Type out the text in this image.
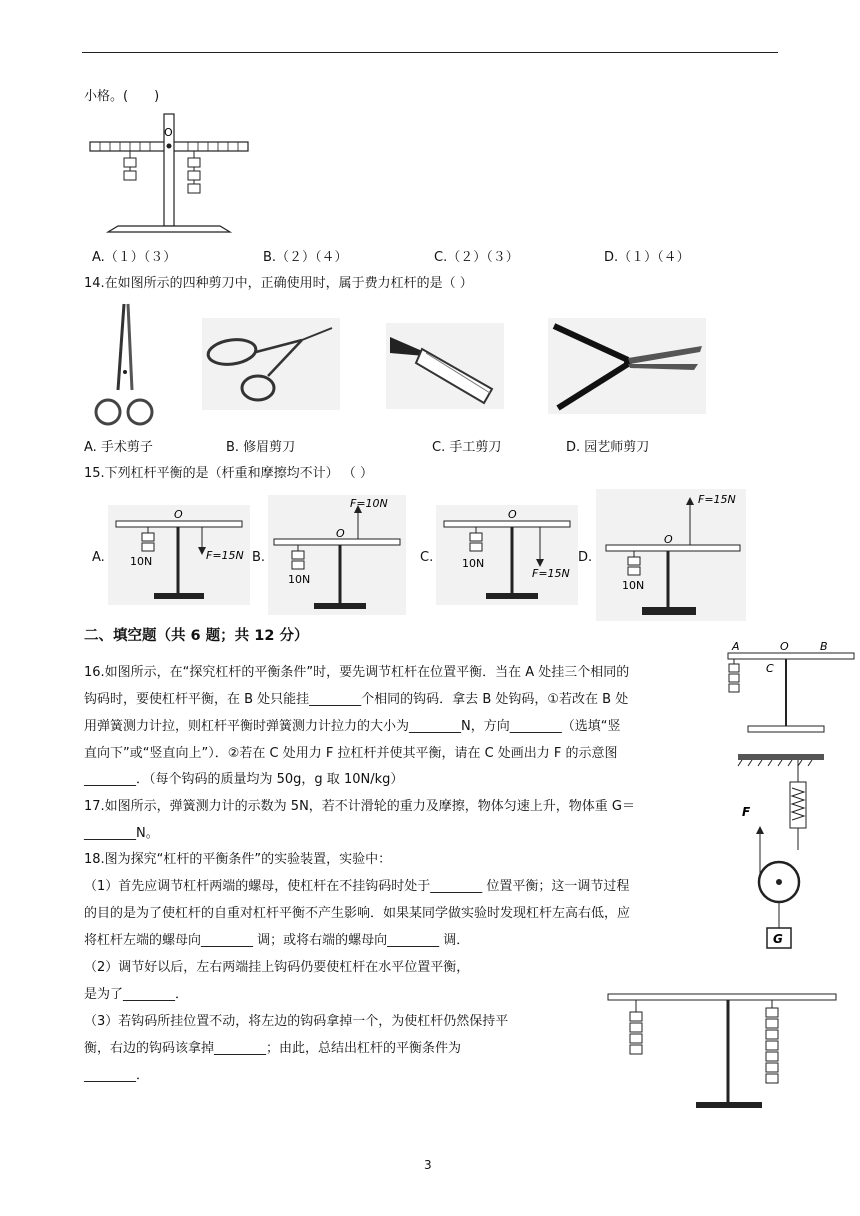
小格。(　　)
O
A.（１）（３）	B.（２）（４）	C.（２）（３）	D.（１）（４）
14.在如图所示的四种剪刀中，正确使用时，属于费力杠杆的是（ ）
A. 手术剪子	B. 修眉剪刀	C. 手工剪刀	D. 园艺师剪刀
15.下列杠杆平衡的是（杆重和摩擦均不计） （ ）
A.
O
10N	F=15N B.
O
F=10N
10N
C.
O
10N
F=15N
D.
O
F=15N
10N
二、填空题（共 6 题；共 12 分）
16.如图所示，在“探究杠杆的平衡条件”时，要先调节杠杆在位置平衡．当在 A 处挂三个相同的
钩码时，要使杠杆平衡，在 B 处只能挂________个相同的钩码．拿去 B 处钩码，①若改在 B 处
用弹簧测力计拉，则杠杆平衡时弹簧测力计拉力的大小为________N，方向________（选填“竖
直向下”或“竖直向上”）．②若在 C 处用力 F 拉杠杆并使其平衡，请在 C 处画出力 F 的示意图
________．（每个钩码的质量均为 50g，g 取 10N/kg）
A	O	B
C
17.如图所示，弹簧测力计的示数为 5N，若不计滑轮的重力及摩擦，物体匀速上升，物体重 G＝
________N。
F
G
18.图为探究“杠杆的平衡条件”的实验装置，实验中：
（1）首先应调节杠杆两端的螺母，使杠杆在不挂钩码时处于________ 位置平衡；这一调节过程
的目的是为了使杠杆的自重对杠杆平衡不产生影响．如果某同学做实验时发现杠杆左高右低，应
将杠杆左端的螺母向________ 调；或将右端的螺母向________ 调．
（2）调节好以后，左右两端挂上钩码仍要使杠杆在水平位置平衡，
是为了________．
（3）若钩码所挂位置不动，将左边的钩码拿掉一个，为使杠杆仍然保持平
衡，右边的钩码该拿掉________；由此，总结出杠杆的平衡条件为
________．
3
